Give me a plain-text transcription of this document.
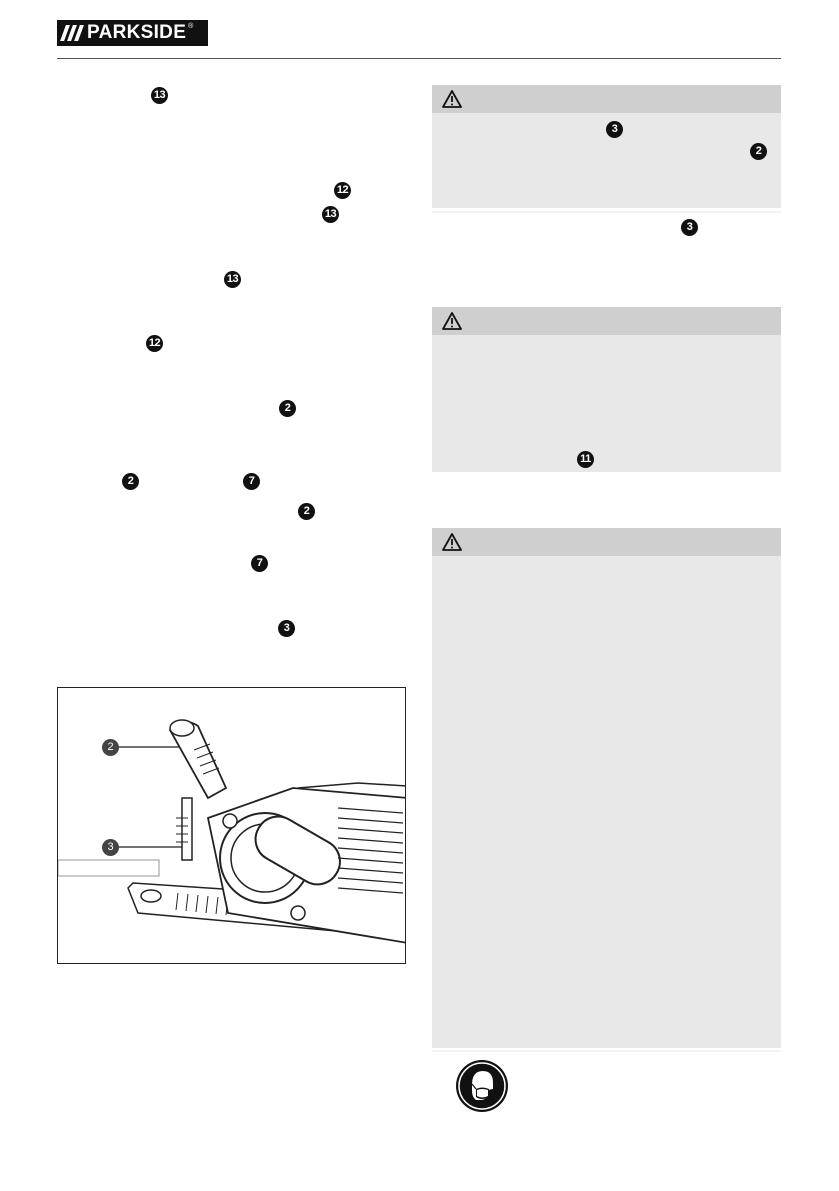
PARKSIDE ®
13
12
13
13
12
2
2	7
2
7
3
2
3
3
2
3
11
